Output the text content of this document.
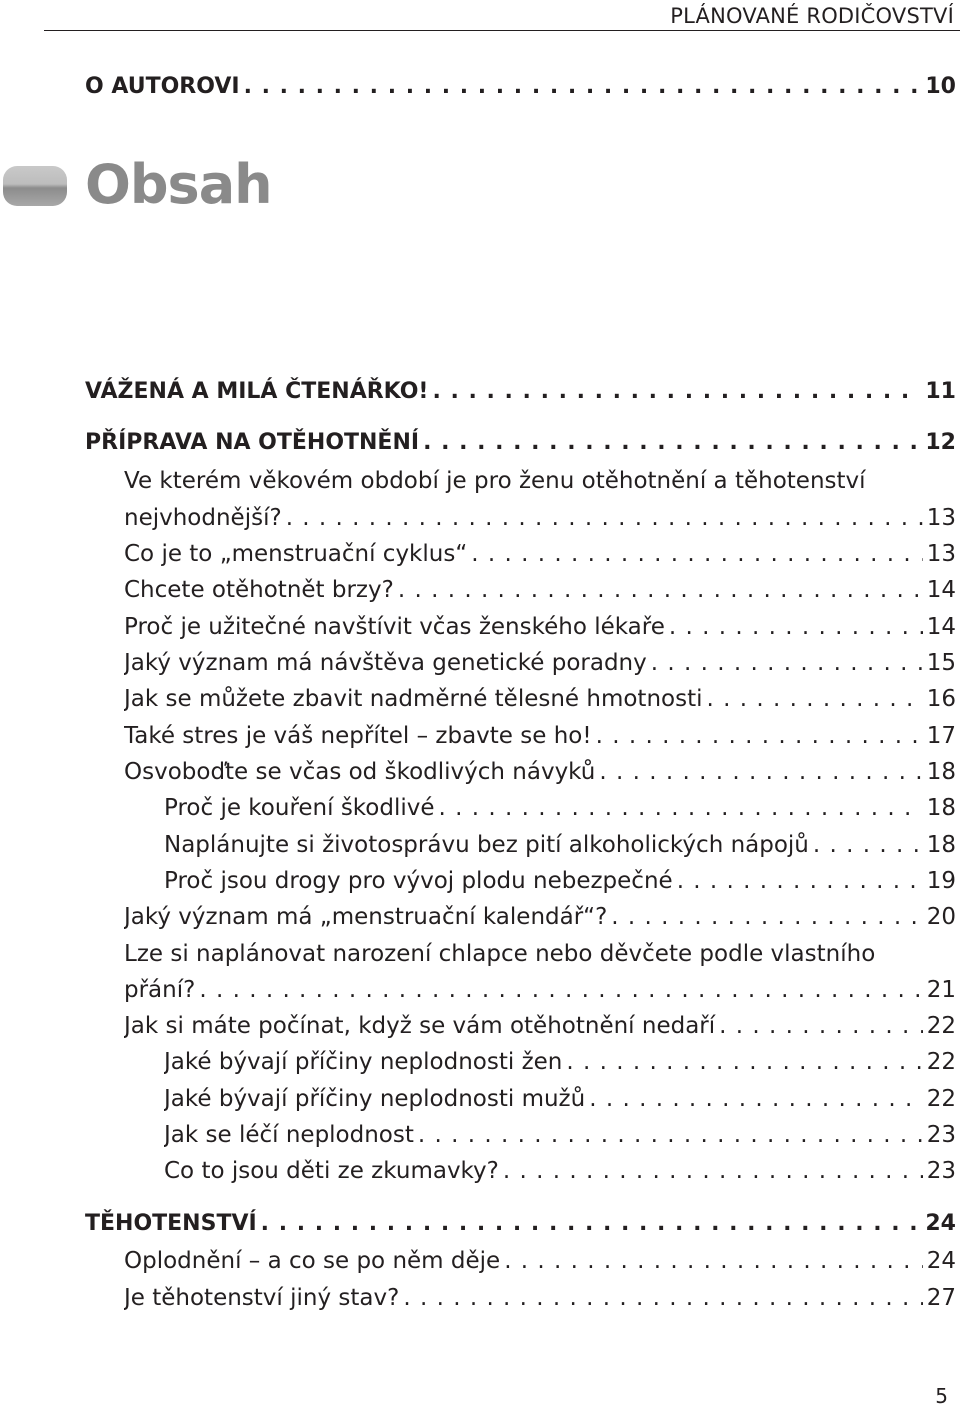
PLÁNOVANÉ RODIČOVSTVÍ
Obsah
O AUTOROVI . . .	10
VÁŽENÁ A MILÁ ČTENÁŘKO! . . .	11
PŘÍPRAVA NA OTĚHOTNĚNÍ . . .	12
Ve kterém věkovém období je pro ženu otěhotnění a těhotenství
nejvhodnější? . . .	13
Co je to „menstruační cyklus“ . . .	13
Chcete otěhotnět brzy? . . .	14
Proč je užitečné navštívit včas ženského lékaře . . .	14
Jaký význam má návštěva genetické poradny . . .	15
Jak se můžete zbavit nadměrné tělesné hmotnosti . . .	16
Také stres je váš nepřítel – zbavte se ho! . . .	17
Osvoboďte se včas od škodlivých návyků . . .	18
Proč je kouření škodlivé . . .	18
Naplánujte si životosprávu bez pití alkoholických nápojů . . .	18
Proč jsou drogy pro vývoj plodu nebezpečné . . .	19
Jaký význam má „menstruační kalendář“? . . .	20
Lze si naplánovat narození chlapce nebo děvčete podle vlastního
přání? . . .	21
Jak si máte počínat, když se vám otěhotnění nedaří . . .	22
Jaké bývají příčiny neplodnosti žen . . .	22
Jaké bývají příčiny neplodnosti mužů . . .	22
Jak se léčí neplodnost . . .	23
Co to jsou děti ze zkumavky? . . .	23
TĚHOTENSTVÍ . . .	24
Oplodnění – a co se po něm děje . . .	24
Je těhotenství jiný stav? . . .	27
5
